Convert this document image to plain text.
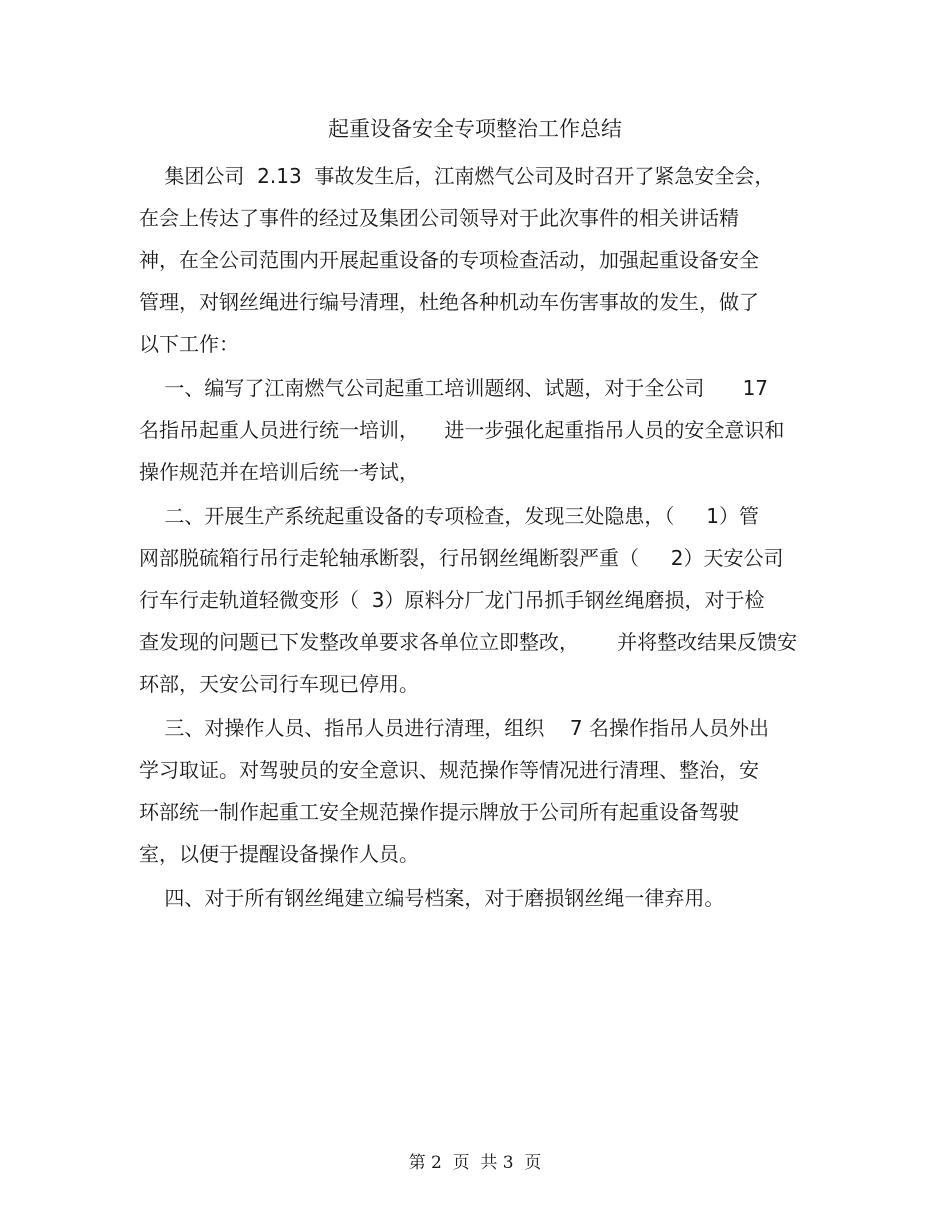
起重设备安全专项整治工作总结
集团公司  2.13  事故发生后，江南燃气公司及时召开了紧急安全会，
在会上传达了事件的经过及集团公司领导对于此次事件的相关讲话精
神，在全公司范围内开展起重设备的专项检查活动，加强起重设备安全
管理，对钢丝绳进行编号清理，杜绝各种机动车伤害事故的发生，做了
以下工作：
一、编写了江南燃气公司起重工培训题纲、试题，对于全公司      17
名指吊起重人员进行统一培训，    进一步强化起重指吊人员的安全意识和
操作规范并在培训后统一考试，
二、开展生产系统起重设备的专项检查，发现三处隐患，（     1）管
网部脱硫箱行吊行走轮轴承断裂，行吊钢丝绳断裂严重（     2）天安公司
行车行走轨道轻微变形（  3）原料分厂龙门吊抓手钢丝绳磨损，对于检
查发现的问题已下发整改单要求各单位立即整改，      并将整改结果反馈安
环部，天安公司行车现已停用。
三、对操作人员、指吊人员进行清理，组织    7 名操作指吊人员外出
学习取证。对驾驶员的安全意识、规范操作等情况进行清理、整治，安
环部统一制作起重工安全规范操作提示牌放于公司所有起重设备驾驶
室，以便于提醒设备操作人员。
四、对于所有钢丝绳建立编号档案，对于磨损钢丝绳一律弃用。
第 2  页  共 3  页
